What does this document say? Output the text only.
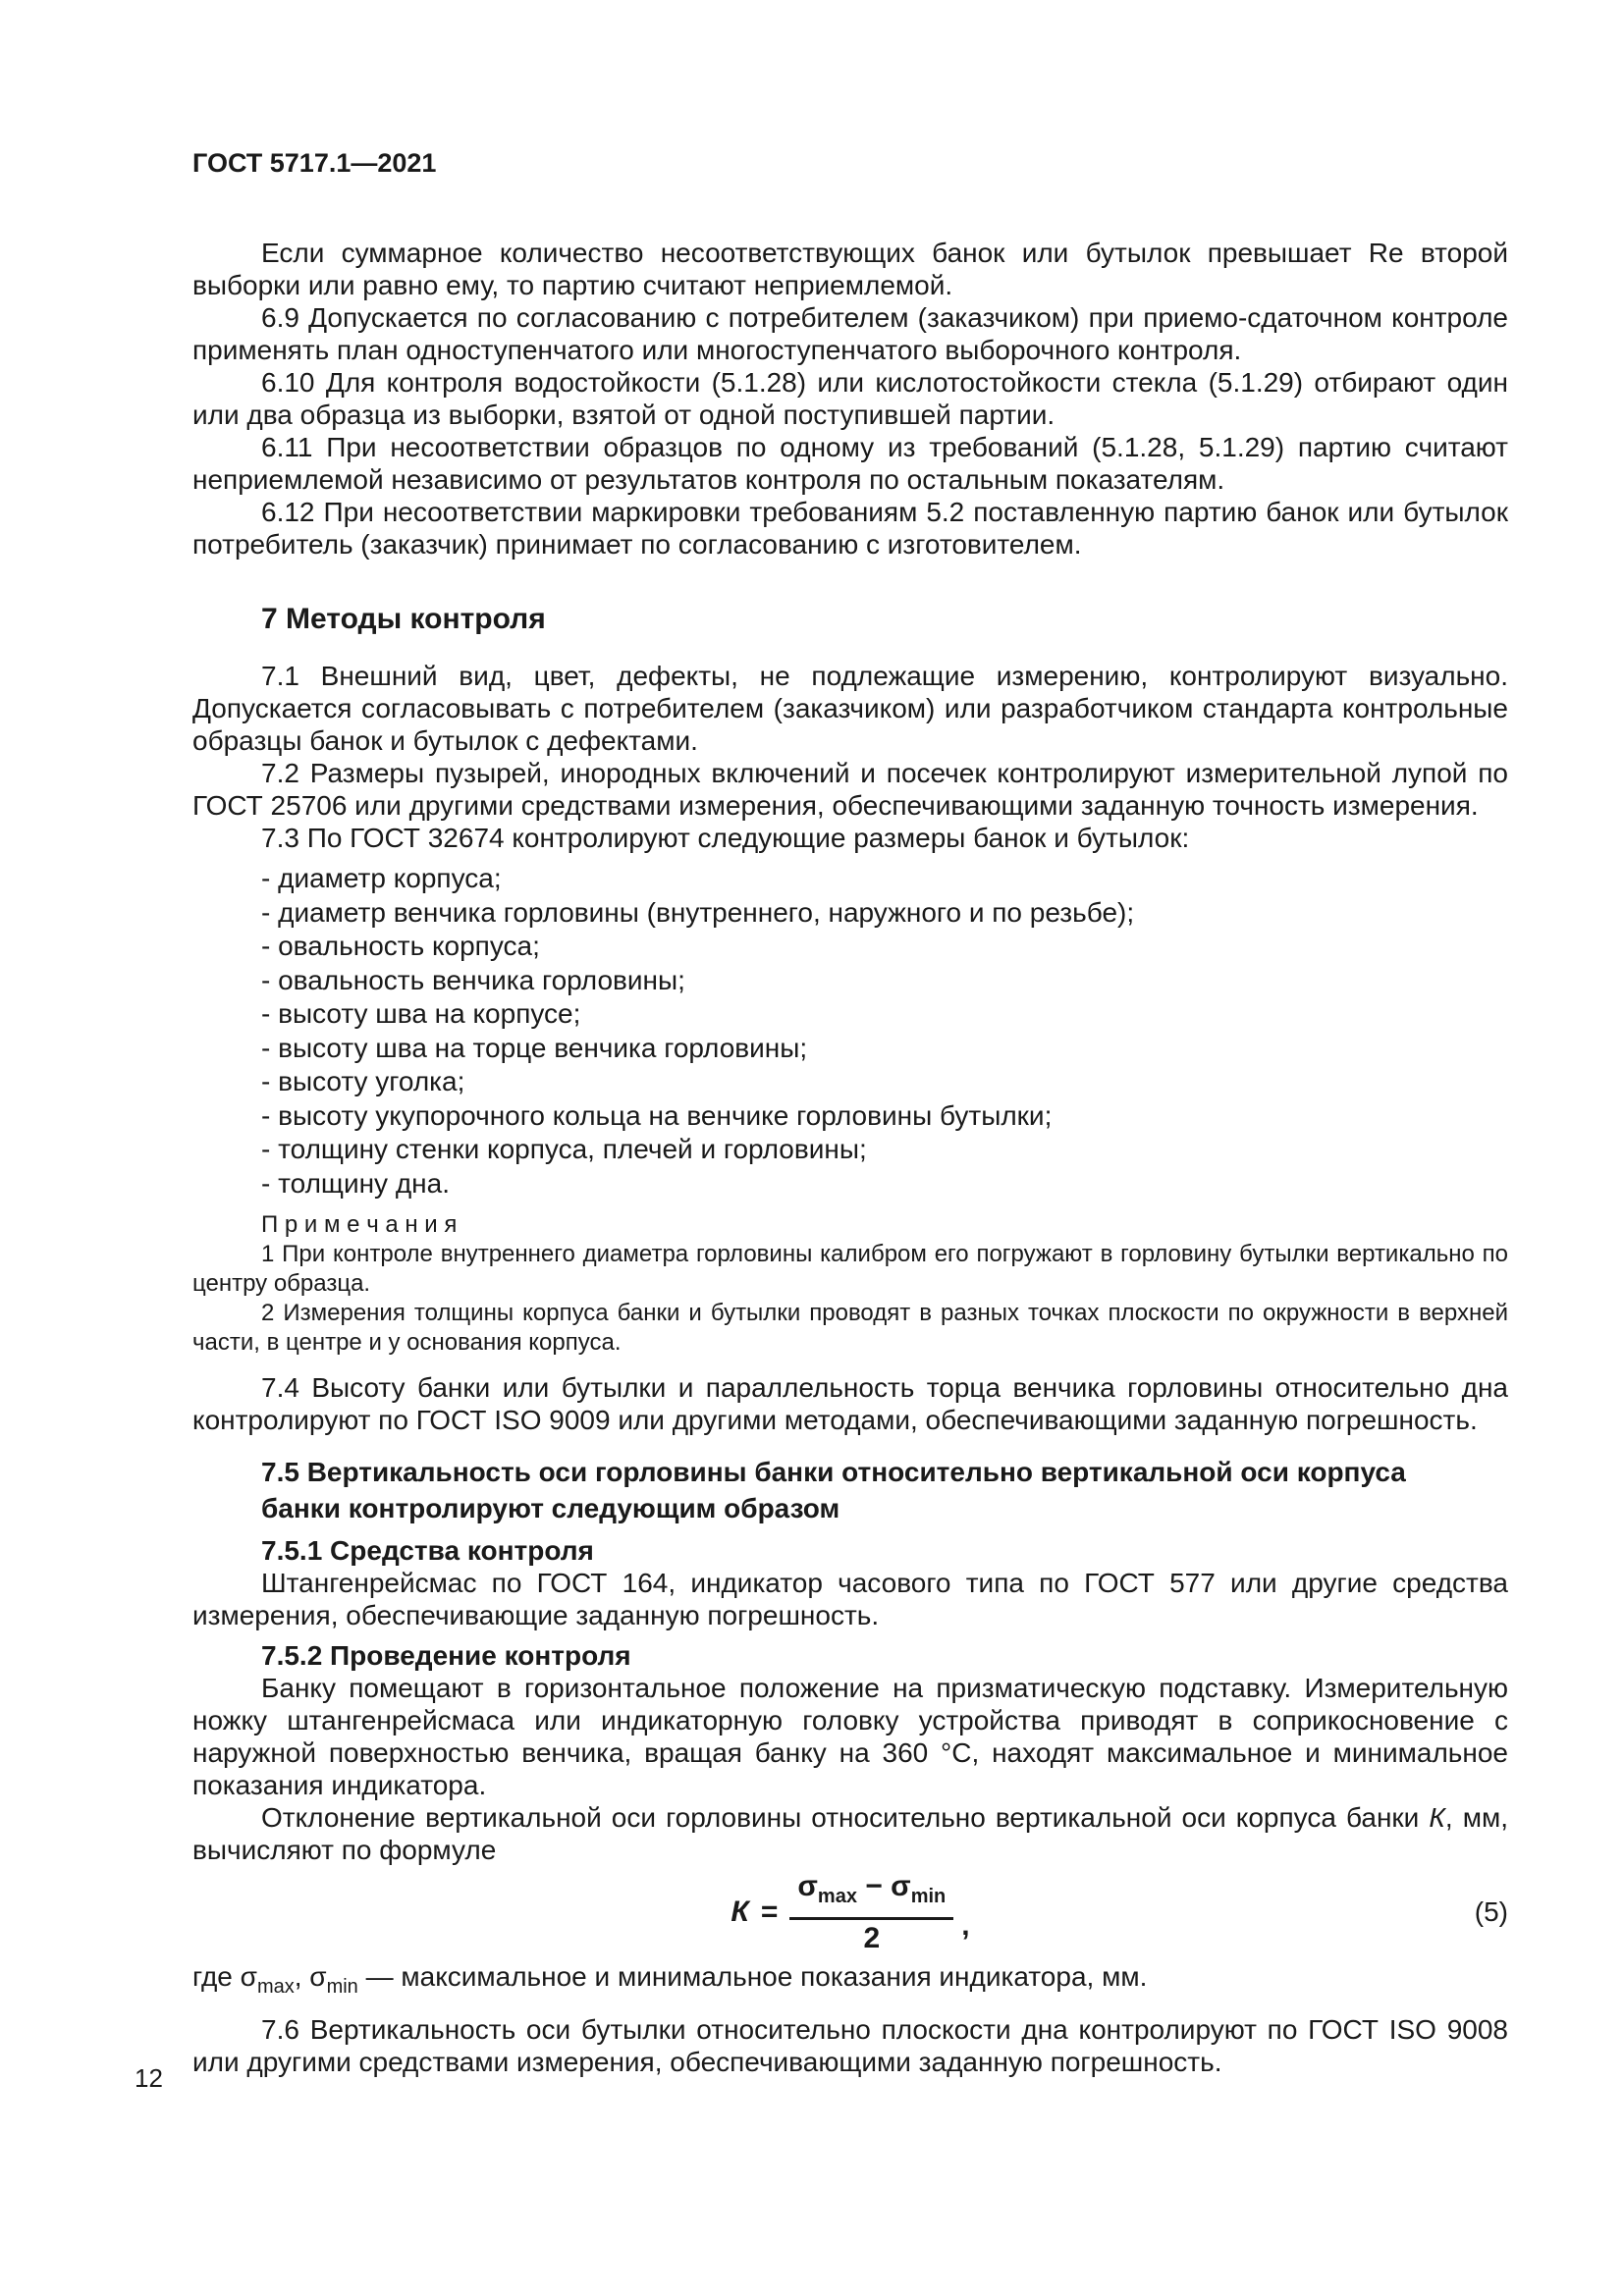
ГОСТ 5717.1—2021

Если суммарное количество несоответствующих банок или бутылок превышает Re второй выборки или равно ему, то партию считают неприемлемой.

6.9 Допускается по согласованию с потребителем (заказчиком) при приемо-сдаточном контроле применять план одноступенчатого или многоступенчатого выборочного контроля.

6.10 Для контроля водостойкости (5.1.28) или кислотостойкости стекла (5.1.29) отбирают один или два образца из выборки, взятой от одной поступившей партии.

6.11 При несоответствии образцов по одному из требований (5.1.28, 5.1.29) партию считают неприемлемой независимо от результатов контроля по остальным показателям.

6.12 При несоответствии маркировки требованиям 5.2 поставленную партию банок или бутылок потребитель (заказчик) принимает по согласованию с изготовителем.

7 Методы контроля

7.1 Внешний вид, цвет, дефекты, не подлежащие измерению, контролируют визуально. Допускается согласовывать с потребителем (заказчиком) или разработчиком стандарта контрольные образцы банок и бутылок с дефектами.

7.2 Размеры пузырей, инородных включений и посечек контролируют измерительной лупой по ГОСТ 25706 или другими средствами измерения, обеспечивающими заданную точность измерения.

7.3 По ГОСТ 32674 контролируют следующие размеры банок и бутылок:

- диаметр корпуса;
- диаметр венчика горловины (внутреннего, наружного и по резьбе);
- овальность корпуса;
- овальность венчика горловины;
- высоту шва на корпусе;
- высоту шва на торце венчика горловины;
- высоту уголка;
- высоту укупорочного кольца на венчике горловины бутылки;
- толщину стенки корпуса, плечей и горловины;
- толщину дна.
П р и м е ч а н и я

1 При контроле внутреннего диаметра горловины калибром его погружают в горловину бутылки вертикально по центру образца.

2 Измерения толщины корпуса банки и бутылки проводят в разных точках плоскости по окружности в верхней части, в центре и у основания корпуса.

7.4 Высоту банки или бутылки и параллельность торца венчика горловины относительно дна контролируют по ГОСТ ISO 9009 или другими методами, обеспечивающими заданную погрешность.

7.5 Вертикальность оси горловины банки относительно вертикальной оси корпуса банки контролируют следующим образом
7.5.1 Средства контроля

Штангенрейсмас по ГОСТ 164, индикатор часового типа по ГОСТ 577 или другие средства измерения, обеспечивающие заданную погрешность.

7.5.2 Проведение контроля

Банку помещают в горизонтальное положение на призматическую подставку. Измерительную ножку штангенрейсмаса или индикаторную головку устройства приводят в соприкосновение с наружной поверхностью венчика, вращая банку на 360 °С, находят максимальное и минимальное показания индикатора.

Отклонение вертикальной оси горловины относительно вертикальной оси корпуса банки К, мм, вычисляют по формуле

$К = \frac{\sigma_{max} - \sigma_{min}}{2}$ ,	(5)
где $\sigma_{max}$, $\sigma_{min}$ — максимальное и минимальное показания индикатора, мм.

7.6 Вертикальность оси бутылки относительно плоскости дна контролируют по ГОСТ ISO 9008 или другими средствами измерения, обеспечивающими заданную погрешность.

12
